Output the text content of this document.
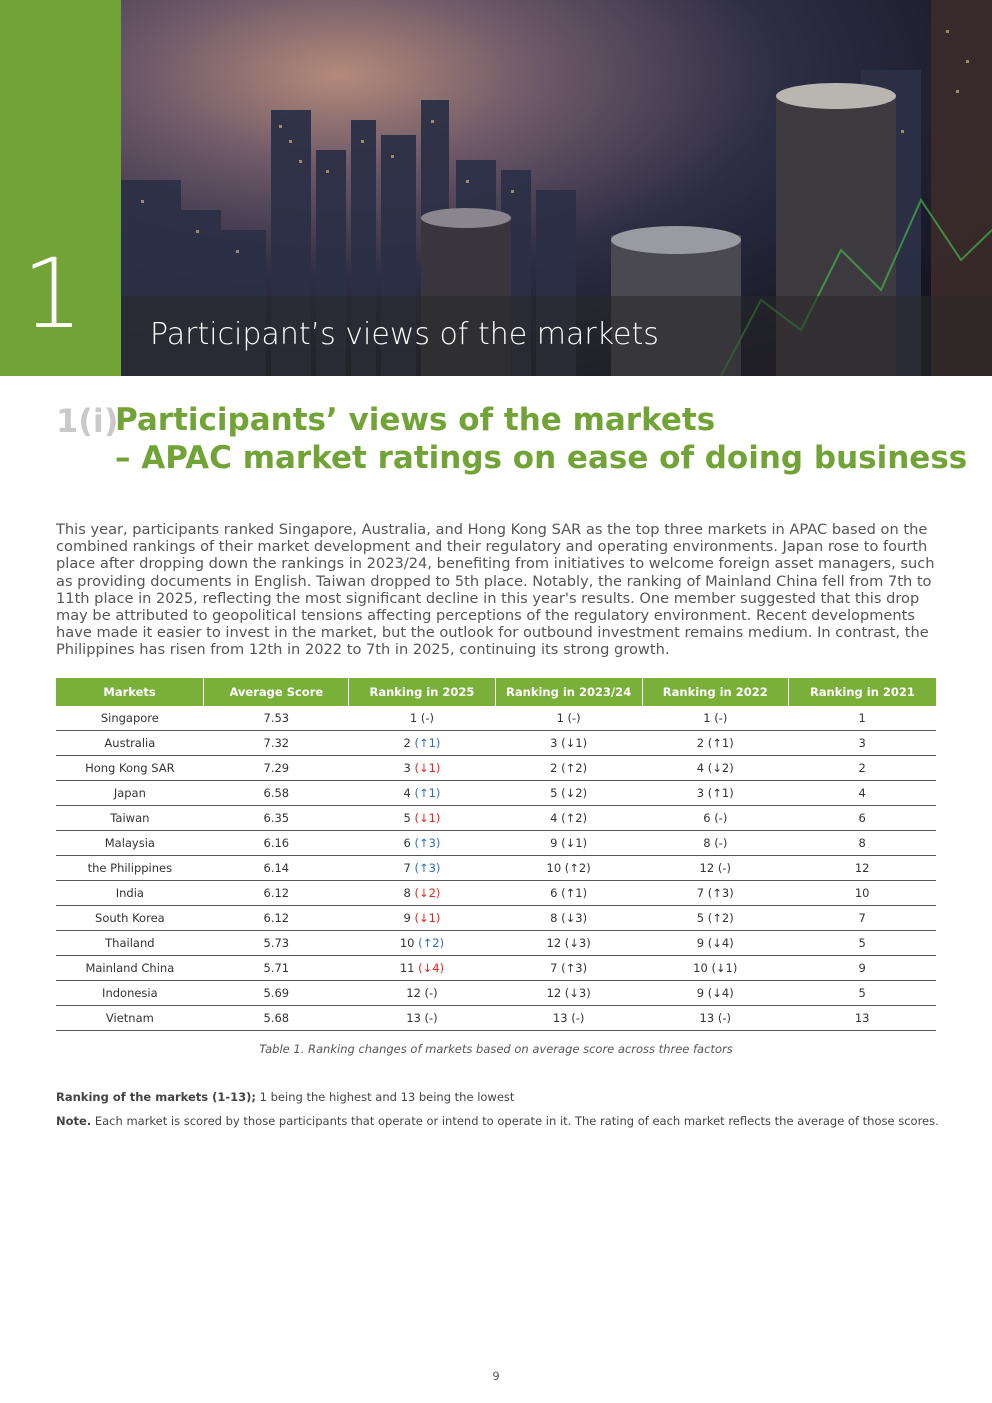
1 Participant’s views of the markets
1(i)
Participants’ views of the markets
– APAC market ratings on ease of doing business

This year, participants ranked Singapore, Australia, and Hong Kong SAR as the top three markets in APAC based on the combined rankings of their market development and their regulatory and operating environments. Japan rose to fourth place after dropping down the rankings in 2023/24, benefiting from initiatives to welcome foreign asset managers, such as providing documents in English. Taiwan dropped to 5th place. Notably, the ranking of Mainland China fell from 7th to 11th place in 2025, reflecting the most significant decline in this year's results. One member suggested that this drop may be attributed to geopolitical tensions affecting perceptions of the regulatory environment. Recent developments have made it easier to invest in the market, but the outlook for outbound investment remains medium. In contrast, the Philippines has risen from 12th in 2022 to 7th in 2025, continuing its strong growth.

Markets	Average Score	Ranking in 2025	Ranking in 2023/24	Ranking in 2022	Ranking in 2021
Singapore	7.53	1 (-)	1 (-)	1 (-)	1
Australia	7.32	2 (↑1)	3 (↓1)	2 (↑1)	3
Hong Kong SAR	7.29	3 (↓1)	2 (↑2)	4 (↓2)	2
Japan	6.58	4 (↑1)	5 (↓2)	3 (↑1)	4
Taiwan	6.35	5 (↓1)	4 (↑2)	6 (-)	6
Malaysia	6.16	6 (↑3)	9 (↓1)	8 (-)	8
the Philippines	6.14	7 (↑3)	10 (↑2)	12 (-)	12
India	6.12	8 (↓2)	6 (↑1)	7 (↑3)	10
South Korea	6.12	9 (↓1)	8 (↓3)	5 (↑2)	7
Thailand	5.73	10 (↑2)	12 (↓3)	9 (↓4)	5
Mainland China	5.71	11 (↓4)	7 (↑3)	10 (↓1)	9
Indonesia	5.69	12 (-)	12 (↓3)	9 (↓4)	5
Vietnam	5.68	13 (-)	13 (-)	13 (-)	13
Table 1. Ranking changes of markets based on average score across three factors
Ranking of the markets (1-13); 1 being the highest and 13 being the lowest
Note. Each market is scored by those participants that operate or intend to operate in it. The rating of each market reflects the average of those scores.
9
